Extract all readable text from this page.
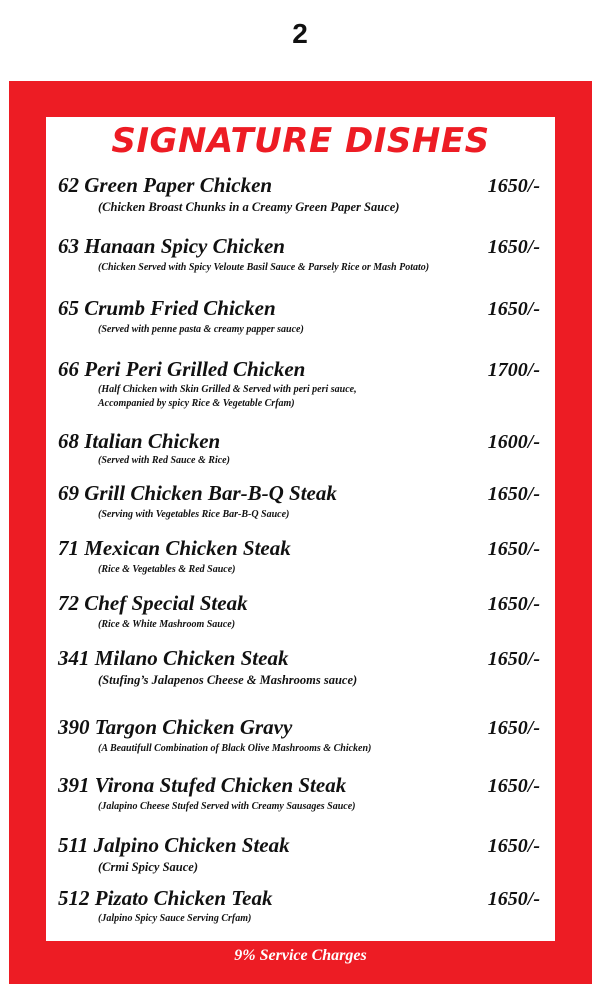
2
SIGNATURE DISHES
62 Green Paper Chicken	1650/-
(Chicken Broast Chunks in a Creamy Green Paper Sauce)
63 Hanaan Spicy Chicken	1650/-
(Chicken Served with Spicy Veloute Basil Sauce & Parsely Rice or Mash Potato)
65 Crumb Fried Chicken	1650/-
(Served with penne pasta & creamy papper sauce)
66 Peri Peri Grilled Chicken	1700/-
(Half Chicken with Skin Grilled & Served with peri peri sauce,
Accompanied by spicy Rice & Vegetable Crfam)
68 Italian Chicken	1600/-
(Served with Red Sauce & Rice)
69 Grill Chicken Bar-B-Q Steak	1650/-
(Serving with Vegetables Rice Bar-B-Q Sauce)
71 Mexican Chicken Steak	1650/-
(Rice & Vegetables & Red Sauce)
72 Chef Special Steak	1650/-
(Rice & White Mashroom Sauce)
341 Milano Chicken Steak	1650/-
(Stufing’s Jalapenos Cheese & Mashrooms sauce)
390 Targon Chicken Gravy	1650/-
(A Beautifull Combination of Black Olive Mashrooms & Chicken)
391 Virona Stufed Chicken Steak	1650/-
(Jalapino Cheese Stufed Served with Creamy Sausages Sauce)
511 Jalpino Chicken Steak	1650/-
(Crmi Spicy Sauce)
512 Pizato Chicken Teak	1650/-
(Jalpino Spicy Sauce Serving Crfam)
9% Service Charges
